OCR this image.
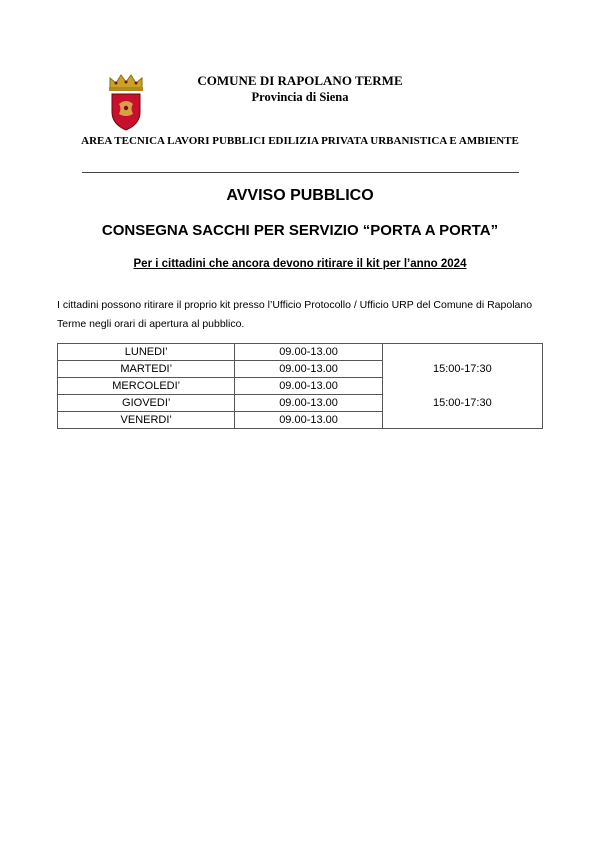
COMUNE DI RAPOLANO TERME
Provincia di Siena
AREA TECNICA LAVORI PUBBLICI EDILIZIA PRIVATA URBANISTICA E AMBIENTE
AVVISO PUBBLICO
CONSEGNA SACCHI PER SERVIZIO “PORTA A PORTA”
Per i cittadini che ancora devono ritirare il kit per l’anno 2024
I cittadini possono ritirare il proprio kit presso l’Ufficio Protocollo / Ufficio URP del Comune di Rapolano Terme negli orari di apertura al pubblico.
LUNEDI’	09.00-13.00	
MARTEDI’	09.00-13.00	15:00-17:30
MERCOLEDI’	09.00-13.00	
GIOVEDI’	09.00-13.00	15:00-17:30
VENERDI’	09.00-13.00	
